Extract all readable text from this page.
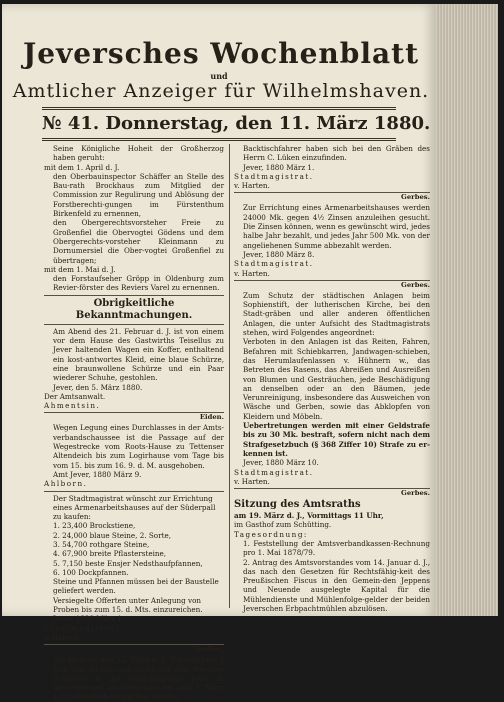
Jeversches Wochenblatt
und
Amtlicher Anzeiger für Wilhelmshaven.
№ 41. Donnerstag, den 11. März 1880.

Seine Königliche Hoheit der Großherzog haben geruht:

mit dem 1. April d. J.

den Oberbauinspector Schäffer an Stelle des Bau-rath Brockhaus zum Mitglied der Commission zur Regulirung und Ablösung der Forstberechti-gungen im Fürstenthum Birkenfeld zu ernennen,

den Obergerechtsvorsteher Freie zu Großenfiel die Obervogtei Gödens und dem Obergerechts-vorsteher Kleinmann zu Dornumersiel die Ober-vogtei Großenfiel zu übertragen;

mit dem 1. Mai d. J.

den Forstaufseher Gröpp in Oldenburg zum Revier-förster des Reviers Varel zu ernennen.

Obrigkeitliche Bekanntmachungen.

Am Abend des 21. Februar d. J. ist von einem vor dem Hause des Gastwirths Teisellus zu Jever haltenden Wagen ein Koffer, enthaltend ein kost-antwortes Kleid, eine blaue Schürze, eine braunwollene Schürze und ein Paar wiederer Schuhe, gestohlen.

Jever, den 5. März 1880.

Der Amtsanwalt.

Ahmentsin.

Eiden.

Wegen Legung eines Durchlasses in der Amts-verbandschaussee ist die Passage auf der Wegestrecke vom Roots-Hause zu Tettenser Altendeich bis zum Logirhause vom Tage bis vom 15. bis zum 16. 9. d. M. ausgehoben.

Amt Jever, 1880 März 9.

Ahlborn.

Der Stadtmagistrat wünscht zur Errichtung eines Armenarbeitshauses auf der Süderpall zu kaufen:

1. 23,400 Brockstiene,

2. 24,000 blaue Steine, 2. Sorte,

3. 54,700 rothgare Steine,

4. 67,900 breite Pflastersteine,

5. 7,150 beste Ensjer Nedsthaufpfannen,

6. 100 Dockpfannen.

Steine und Pfannen müssen bei der Baustelle geliefert werden.

Versiegelte Offerten unter Anlegung von Proben bis zum 15. d. Mts. einzureichen.

Jever, 1880 März 1.

Stadtmagistrat.

v. Harten.

Gerbes.

Am Montag, den 22. März d. J., Nachmittags 1 Uhr, soll an Ort und Stelle der alte Wieseler Schweine in der Stadtgemeinde Jever in Abtheilun-gen als Weideland bis zum 1. März 1881 öffentlich verpachtet werden.

Backtischfahrer haben sich bei den Gräben des Herrn C. Lüken einzufinden.

Jever, 1880 März 1.

Stadtmagistrat.

v. Harten.

Gerbes.

Zur Errichtung eines Armenarbeitshauses werden 24000 Mk. gegen 4½ Zinsen anzuleihen gesucht. Die Zinsen können, wenn es gewünscht wird, jedes halbe Jahr bezahlt, und jedes Jahr 500 Mk. von der angeliehenen Summe abbezahlt werden.

Jever, 1880 März 8.

Stadtmagistrat.

v. Harten.

Gerbes.

Zum Schutz der städtischen Anlagen beim Sophienstift, der lutherischen Kirche, bei den Stadt-gräben und aller anderen öffentlichen Anlagen, die unter Aufsicht des Stadtmagistrats stehen, wird Folgendes angeordnet:

Verboten in den Anlagen ist das Reiten, Fahren, Befahren mit Schiebkarren, Jandwagen-schieben, das Herumlaufenlassen v. Hühnern w., das Betreten des Rasens, das Abreißen und Ausreißen von Blumen und Gesträuchen, jede Beschädigung an denselben oder an den Bäumen, jede Verunreinigung, insbesondere das Ausweichen von Wäsche und Gerben, sowie das Abklopfen von Kleidern und Möbeln.

Uebertretungen werden mit einer Geldstrafe bis zu 30 Mk. bestraft, sofern nicht nach dem Strafgesetzbuch (§ 368 Ziffer 10) Strafe zu er-kennen ist.

Jever, 1880 März 10.

Stadtmagistrat.

v. Harten.

Gerbes.

Sitzung des Amtsraths

am 19. März d. J., Vormittags 11 Uhr,

im Gasthof zum Schütting.

Tagesordnung:

1. Feststellung der Amtsverbandkassen-Rechnung pro 1. Mai 1878/79.

2. Antrag des Amtsvorstandes vom 14. Januar d. J., das nach den Gesetzen für Rechtsfähig-keit des Preußischen Fiscus in den Gemein-den Jeppens und Neuende ausgelegte Kapital für die Mühlendienste und Mühlenfolge-gelder der beiden Jeverschen Erbpachtmühlen abzulösen.
